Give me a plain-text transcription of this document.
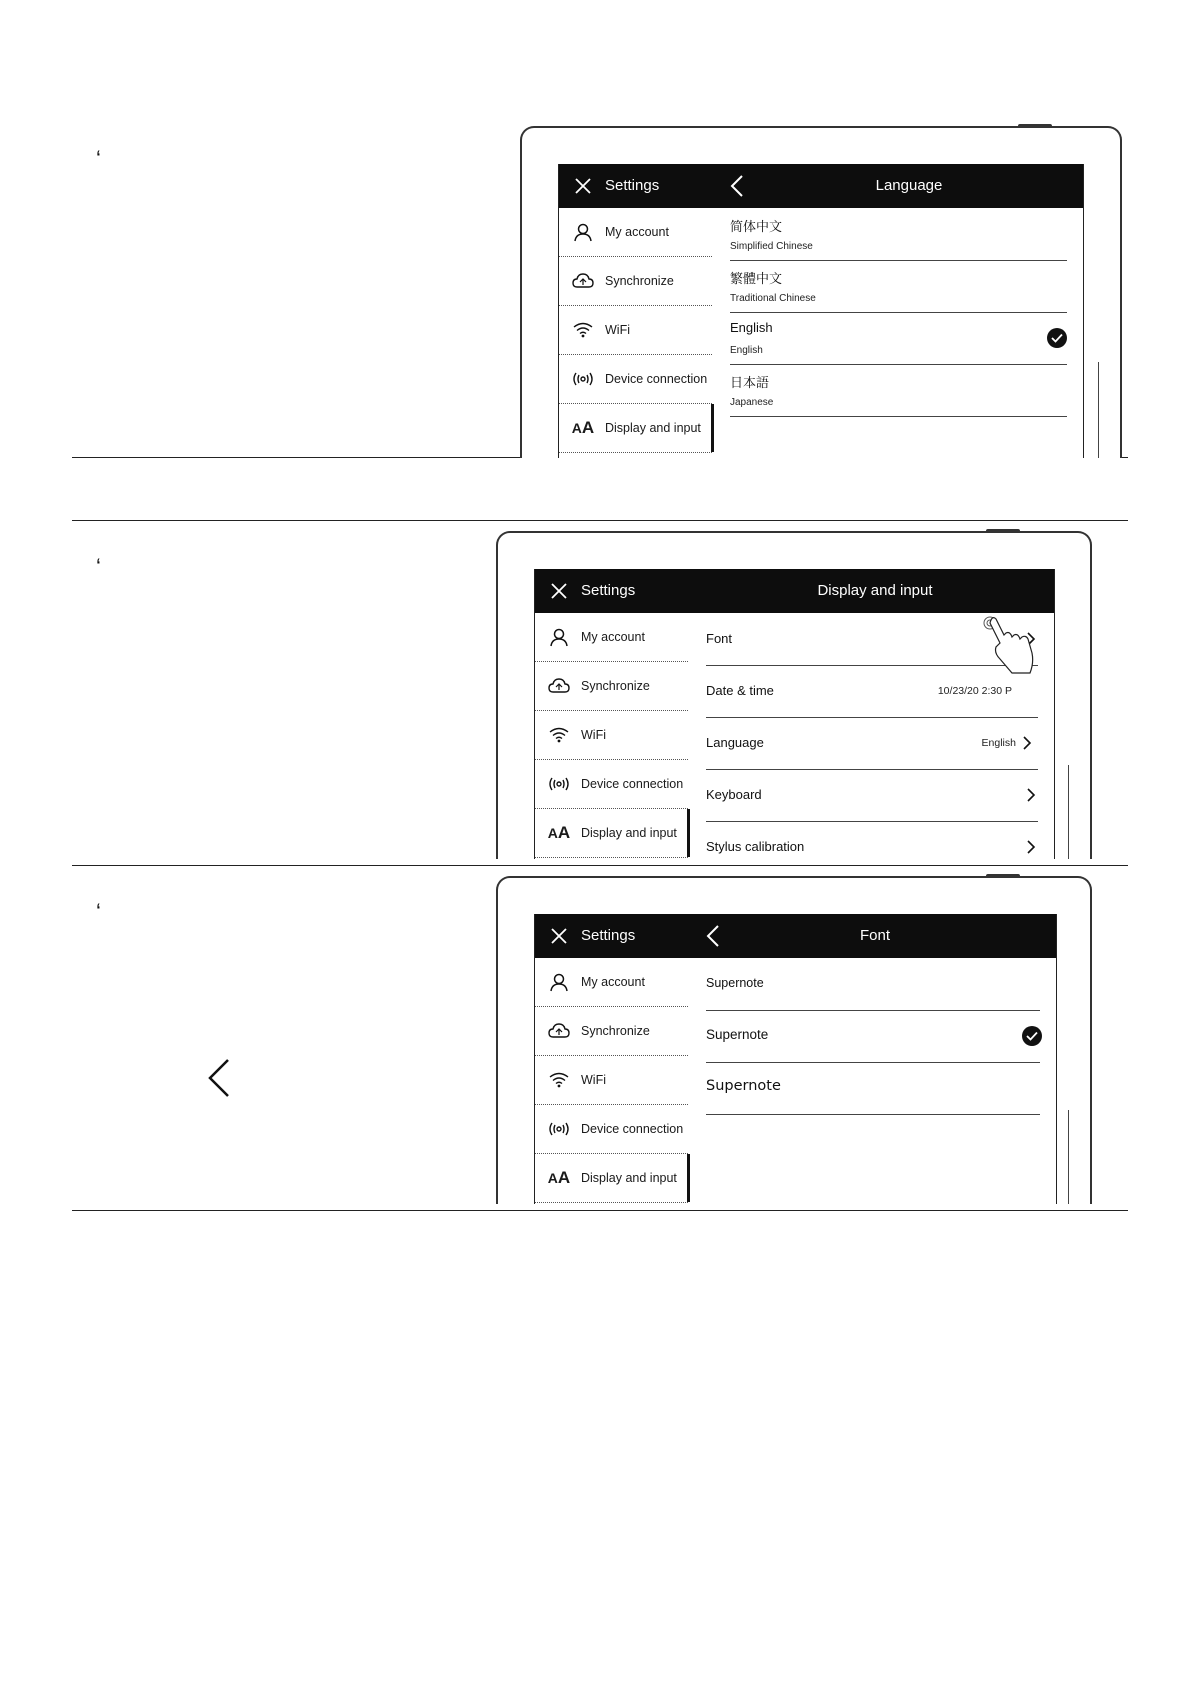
‘
‘
‘
Settings	Language
My account
Synchronize
WiFi
Device connection
A A Display and input
简体中文
Simplified Chinese
繁體中文
Traditional Chinese
English
English
日本語
Japanese
Settings	Display and input
My account
Synchronize
WiFi
Device connection
A A Display and input
Font
Date & time	10/23/20 2:30 P
Language	English
Keyboard
Stylus calibration
Settings	Font
My account
Synchronize
WiFi
Device connection
A A Display and input
Supernote
Supernote
Supernote
